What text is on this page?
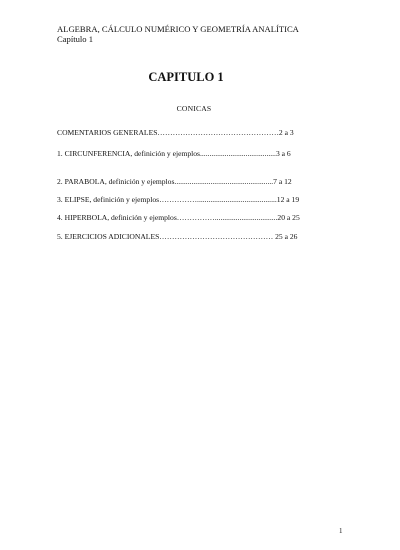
ALGEBRA, CÁLCULO NUMÉRICO Y GEOMETRÍA ANALÍTICA
Capítulo 1
CAPITULO 1
CONICAS
COMENTARIOS GENERALES…………………………………………2 a 3
1. CIRCUNFERENCIA, definición y ejemplos........................................3 a 6
2. PARABOLA, definición y ejemplos....................................................7 a 12
3. ELIPSE, definición y ejemplos……………..........................................12 a 19
4. HIPERBOLA, definición y ejemplos…………….................................20 a 25
5. EJERCICIOS ADICIONALES……………………………………… 25 a 26
1
